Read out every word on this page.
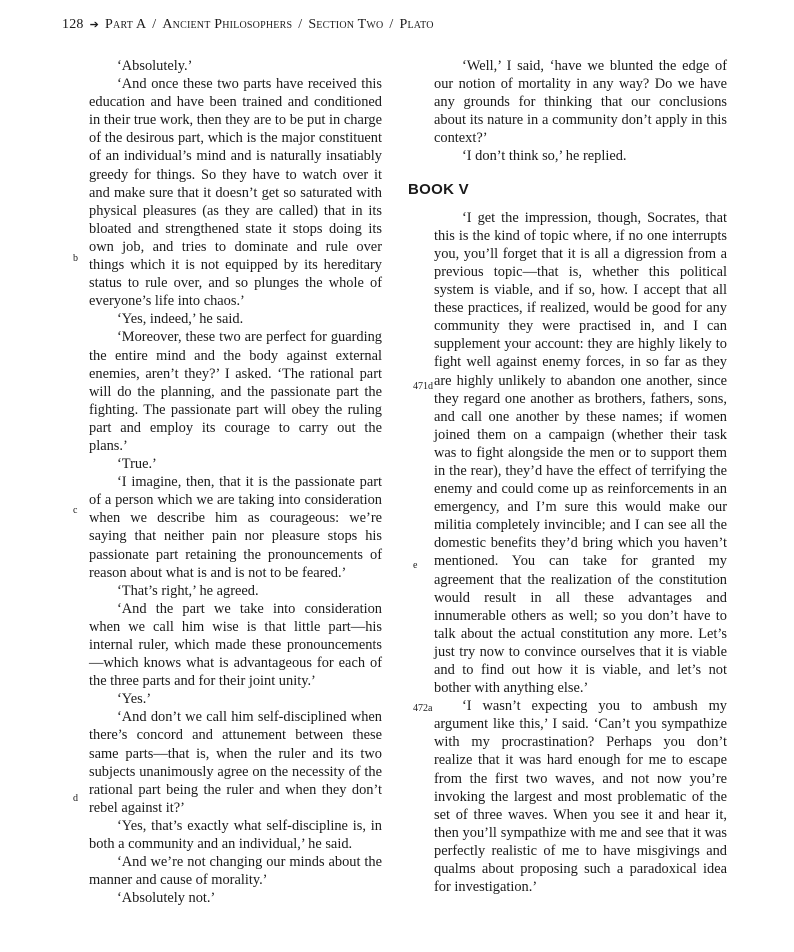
128 ➔ Part A / Ancient Philosophers / Section Two / Plato

‘Absolutely.’

‘And once these two parts have received this education and have been trained and conditioned in their true work, then they are to be put in charge of the desirous part, which is the major constituent of an individual’s mind and is naturally insatiably greedy for things. So they have to watch over it and make sure that it doesn’t get so saturated with physical pleasures (as they are called) that in its bloated and strengthened state it stops doing its own job, and tries to dominate and rule over things which it is not equipped by its hereditary status to rule over, and so plunges the whole of everyone’s life into chaos.’

‘Yes, indeed,’ he said.

‘Moreover, these two are perfect for guarding the entire mind and the body against external enemies, aren’t they?’ I asked. ‘The rational part will do the planning, and the passionate part the fighting. The passionate part will obey the ruling part and employ its courage to carry out the plans.’

‘True.’

‘I imagine, then, that it is the passionate part of a person which we are taking into consideration when we describe him as courageous: we’re saying that neither pain nor pleasure stops his passionate part retaining the pronouncements of reason about what is and is not to be feared.’

‘That’s right,’ he agreed.

‘And the part we take into consideration when we call him wise is that little part—his internal ruler, which made these pronouncements—which knows what is advantageous for each of the three parts and for their joint unity.’

‘Yes.’

‘And don’t we call him self-disciplined when there’s concord and attunement between these same parts—that is, when the ruler and its two subjects unanimously agree on the necessity of the rational part being the ruler and when they don’t rebel against it?’

‘Yes, that’s exactly what self-discipline is, in both a community and an individual,’ he said.

‘And we’re not changing our minds about the manner and cause of morality.’

‘Absolutely not.’

‘Well,’ I said, ‘have we blunted the edge of our notion of mortality in any way? Do we have any grounds for thinking that our conclusions about its nature in a community don’t apply in this context?’

‘I don’t think so,’ he replied.

BOOK V

‘I get the impression, though, Socrates, that this is the kind of topic where, if no one interrupts you, you’ll forget that it is all a digression from a previous topic—that is, whether this political system is viable, and if so, how. I accept that all these practices, if realized, would be good for any community they were practised in, and I can supplement your account: they are highly likely to fight well against enemy forces, in so far as they are highly unlikely to abandon one another, since they regard one another as brothers, fathers, sons, and call one another by these names; if women joined them on a campaign (whether their task was to fight alongside the men or to support them in the rear), they’d have the effect of terrifying the enemy and could come up as reinforcements in an emergency, and I’m sure this would make our militia completely invincible; and I can see all the domestic benefits they’d bring which you haven’t mentioned. You can take for granted my agreement that the realization of the constitution would result in all these advantages and innumerable others as well; so you don’t have to talk about the actual constitution any more. Let’s just try now to convince ourselves that it is viable and to find out how it is viable, and let’s not bother with anything else.’

‘I wasn’t expecting you to ambush my argument like this,’ I said. ‘Can’t you sympathize with my procrastination? Perhaps you don’t realize that it was hard enough for me to escape from the first two waves, and not now you’re invoking the largest and most problematic of the set of three waves. When you see it and hear it, then you’ll sympathize with me and see that it was perfectly realistic of me to have misgivings and qualms about proposing such a paradoxical idea for investigation.’

b
c
d
471d
e
472a
